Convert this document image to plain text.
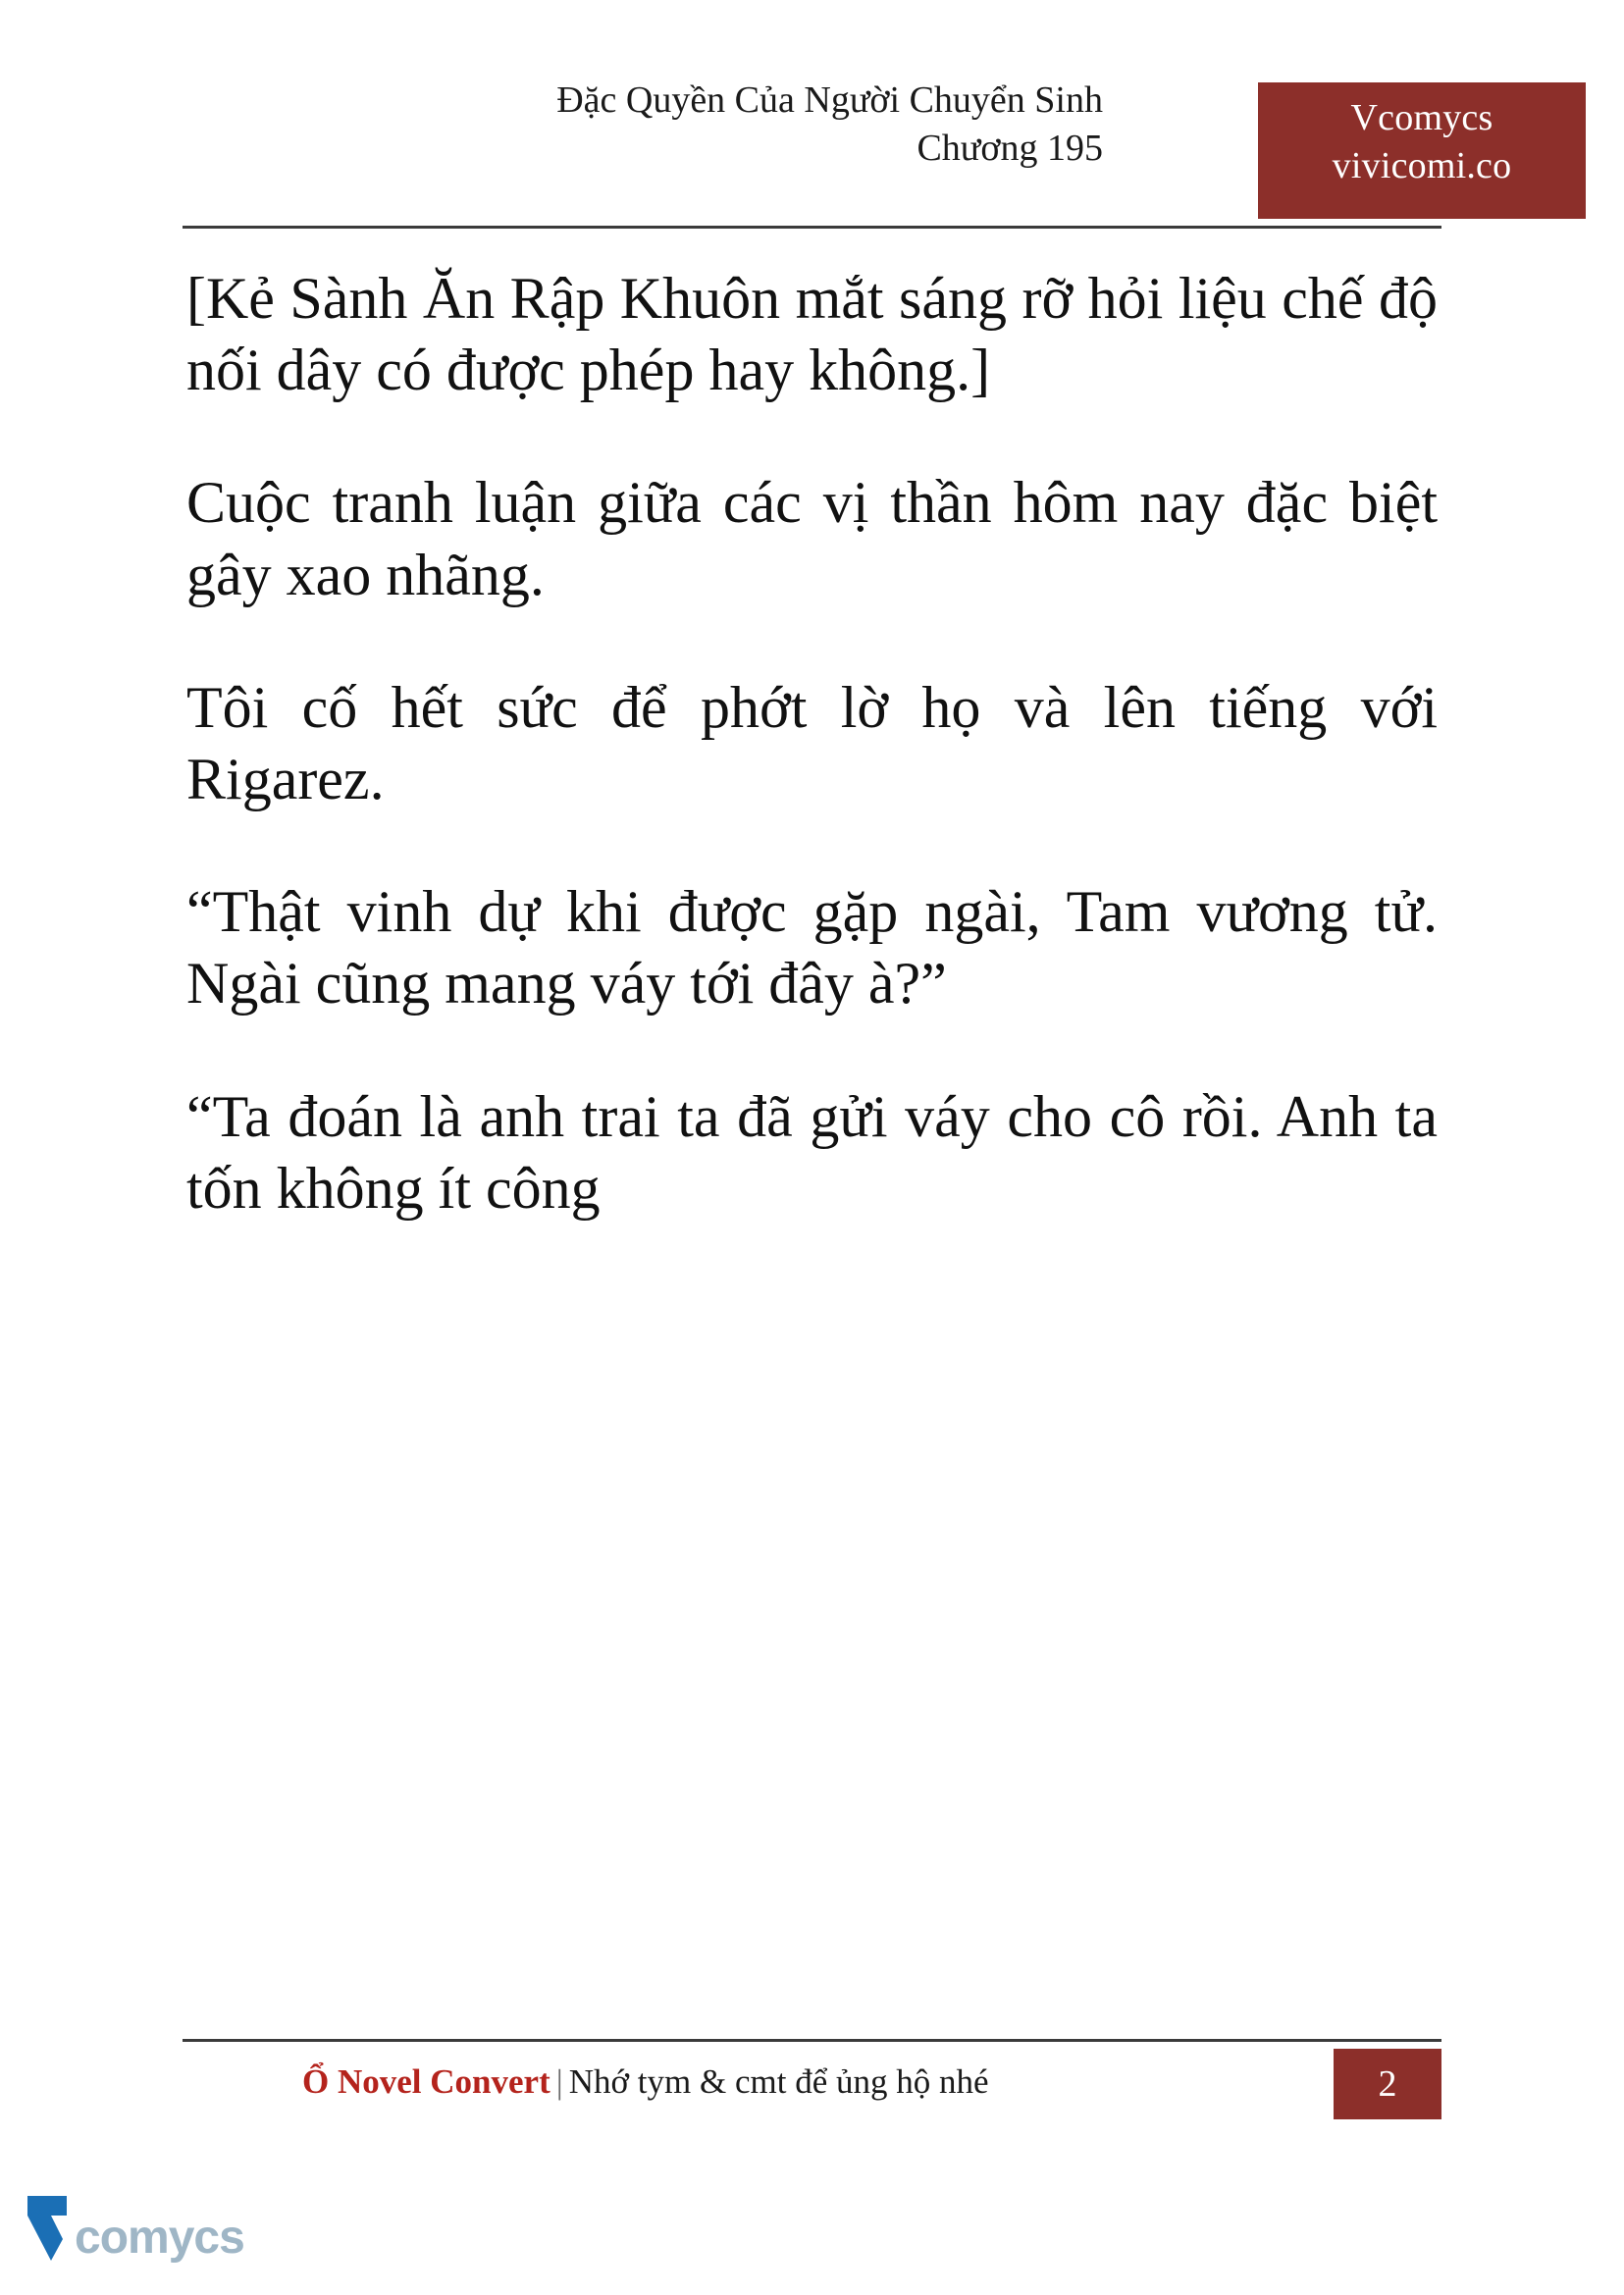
Đặc Quyền Của Người Chuyển Sinh
Chương 195
Vcomycs
vivicomi.co

[Kẻ Sành Ăn Rập Khuôn mắt sáng rỡ hỏi liệu chế độ nối dây có được phép hay không.]

Cuộc tranh luận giữa các vị thần hôm nay đặc biệt gây xao nhãng.

Tôi cố hết sức để phớt lờ họ và lên tiếng với Rigarez.

“Thật vinh dự khi được gặp ngài, Tam vương tử. Ngài cũng mang váy tới đây à?”

“Ta đoán là anh trai ta đã gửi váy cho cô rồi. Anh ta tốn không ít công

Ổ Novel Convert | Nhớ tym & cmt để ủng hộ nhé	2
comycs
